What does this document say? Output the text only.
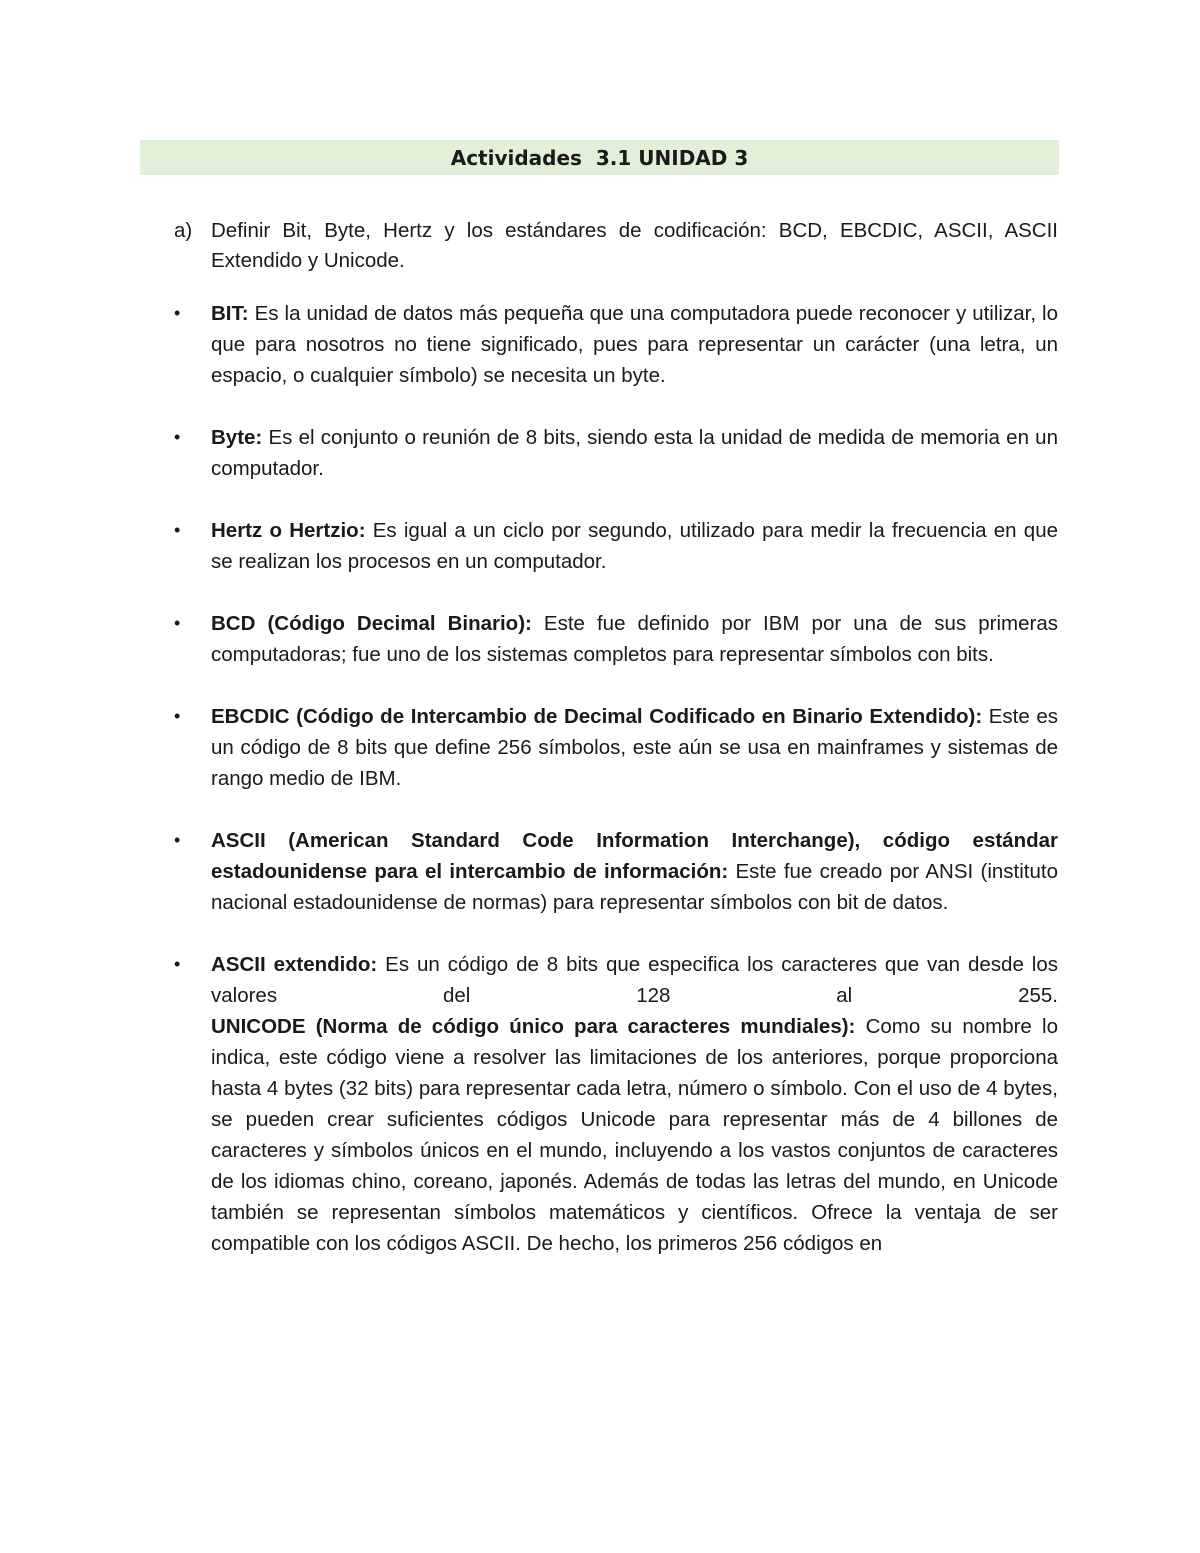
Actividades  3.1 UNIDAD 3
a) Definir Bit, Byte, Hertz y los estándares de codificación: BCD, EBCDIC, ASCII, ASCII Extendido y Unicode.
•	BIT: Es la unidad de datos más pequeña que una computadora puede reconocer y utilizar, lo que para nosotros no tiene significado, pues para representar un carácter (una letra, un espacio, o cualquier símbolo) se necesita un byte.
•	Byte: Es el conjunto o reunión de 8 bits, siendo esta la unidad de medida de memoria en un computador.
•	Hertz o Hertzio: Es igual a un ciclo por segundo, utilizado para medir la frecuencia en que se realizan los procesos en un computador.
•	BCD (Código Decimal Binario): Este fue definido por IBM por una de sus primeras computadoras; fue uno de los sistemas completos para representar símbolos con bits.
•	EBCDIC (Código de Intercambio de Decimal Codificado en Binario Extendido): Este es un código de 8 bits que define 256 símbolos, este aún se usa en mainframes y sistemas de rango medio de IBM.
•	ASCII (American Standard Code Information Interchange), código estándar estadounidense para el intercambio de información: Este fue creado por ANSI (instituto nacional estadounidense de normas) para representar símbolos con bit de datos.
•	ASCII extendido: Es un código de 8 bits que especifica los caracteres que van desde los valores del 128 al 255.
UNICODE (Norma de código único para caracteres mundiales): Como su nombre lo indica, este código viene a resolver las limitaciones de los anteriores, porque proporciona hasta 4 bytes (32 bits) para representar cada letra, número o símbolo. Con el uso de 4 bytes, se pueden crear suficientes códigos Unicode para representar más de 4 billones de caracteres y símbolos únicos en el mundo, incluyendo a los vastos conjuntos de caracteres de los idiomas chino, coreano, japonés. Además de todas las letras del mundo, en Unicode también se representan símbolos matemáticos y científicos. Ofrece la ventaja de ser compatible con los códigos ASCII. De hecho, los primeros 256 códigos en
